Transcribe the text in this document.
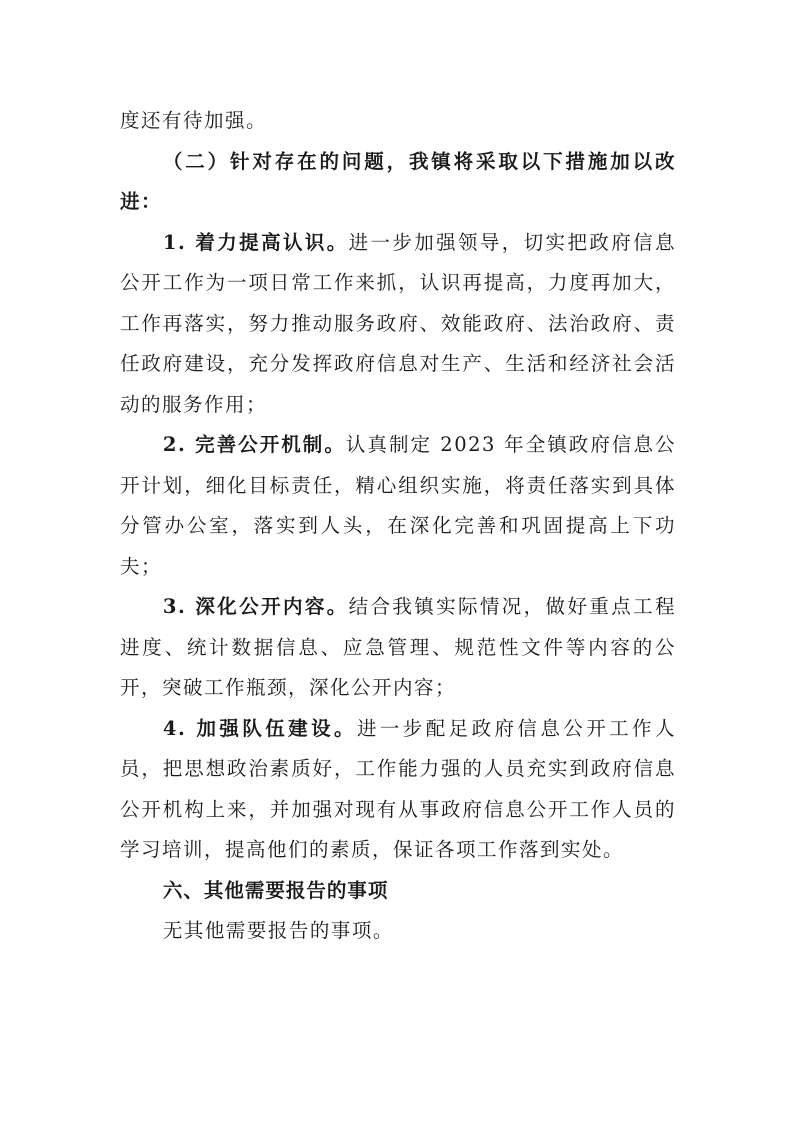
度还有待加强。

（二）针对存在的问题，我镇将采取以下措施加以改进：

1. 着力提高认识。进一步加强领导，切实把政府信息公开工作为一项日常工作来抓，认识再提高，力度再加大，工作再落实，努力推动服务政府、效能政府、法治政府、责任政府建设，充分发挥政府信息对生产、生活和经济社会活动的服务作用；

2. 完善公开机制。认真制定 2023 年全镇政府信息公开计划，细化目标责任，精心组织实施，将责任落实到具体分管办公室，落实到人头，在深化完善和巩固提高上下功夫；

3. 深化公开内容。结合我镇实际情况，做好重点工程进度、统计数据信息、应急管理、规范性文件等内容的公开，突破工作瓶颈，深化公开内容；

4. 加强队伍建设。进一步配足政府信息公开工作人员，把思想政治素质好，工作能力强的人员充实到政府信息公开机构上来，并加强对现有从事政府信息公开工作人员的学习培训，提高他们的素质，保证各项工作落到实处。

六、其他需要报告的事项

无其他需要报告的事项。
